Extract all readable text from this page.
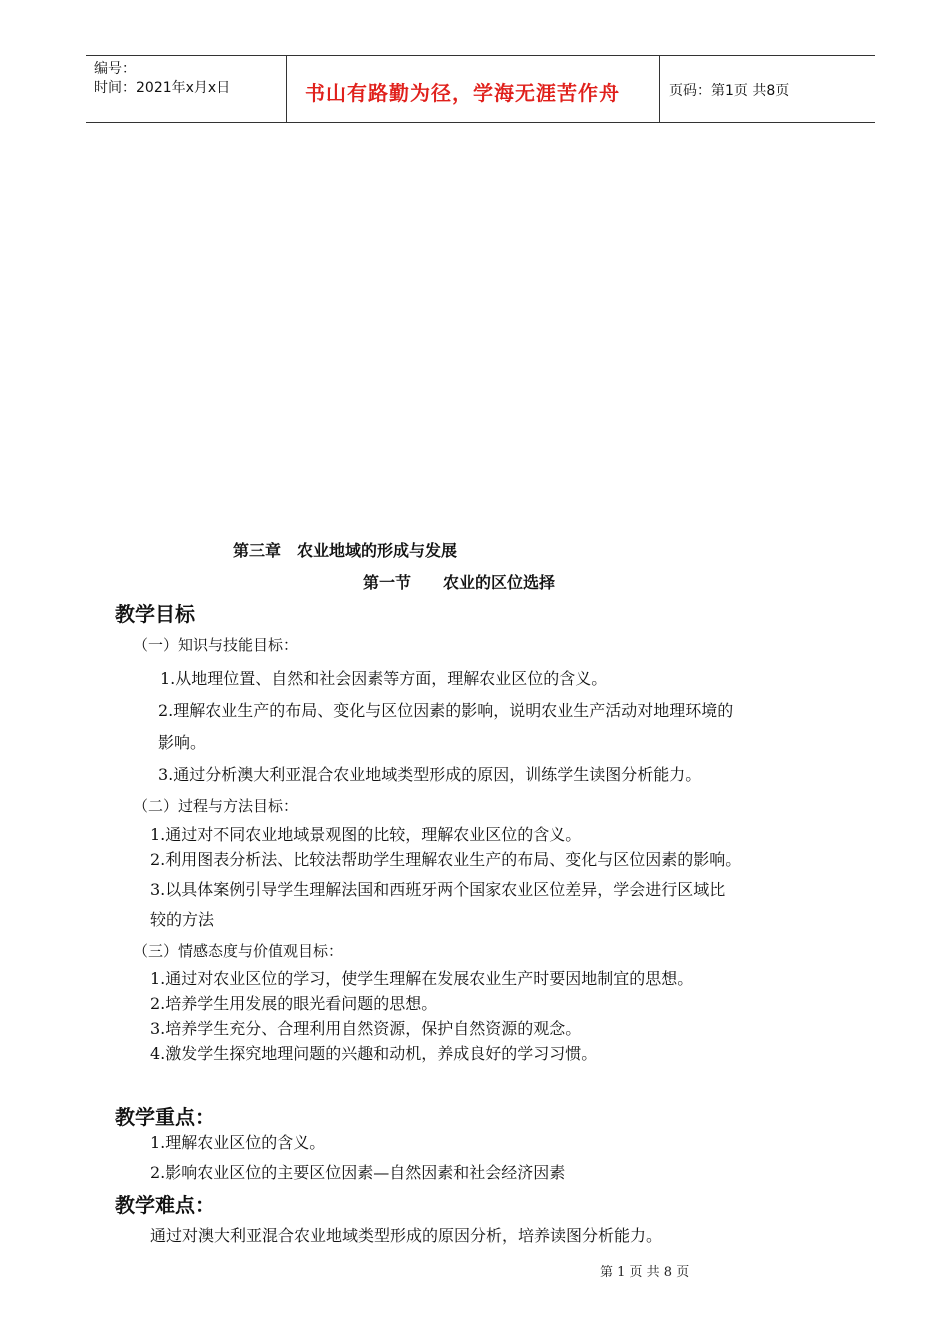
编号：
时间：2021年x月x日	书山有路勤为径，学海无涯苦作舟	页码：第1页 共8页
第三章　农业地域的形成与发展
第一节　　农业的区位选择
教学目标
（一）知识与技能目标：
1.从地理位置、自然和社会因素等方面，理解农业区位的含义。
2.理解农业生产的布局、变化与区位因素的影响，说明农业生产活动对地理环境的
影响。
3.通过分析澳大利亚混合农业地域类型形成的原因，训练学生读图分析能力。
（二）过程与方法目标：
1.通过对不同农业地域景观图的比较，理解农业区位的含义。
2.利用图表分析法、比较法帮助学生理解农业生产的布局、变化与区位因素的影响。
3.以具体案例引导学生理解法国和西班牙两个国家农业区位差异，学会进行区域比
较的方法
（三）情感态度与价值观目标：
1.通过对农业区位的学习，使学生理解在发展农业生产时要因地制宜的思想。
2.培养学生用发展的眼光看问题的思想。
3.培养学生充分、合理利用自然资源，保护自然资源的观念。
4.激发学生探究地理问题的兴趣和动机，养成良好的学习习惯。
教学重点：
1.理解农业区位的含义。
2.影响农业区位的主要区位因素—自然因素和社会经济因素
教学难点：
通过对澳大利亚混合农业地域类型形成的原因分析，培养读图分析能力。
第 1 页 共 8 页
